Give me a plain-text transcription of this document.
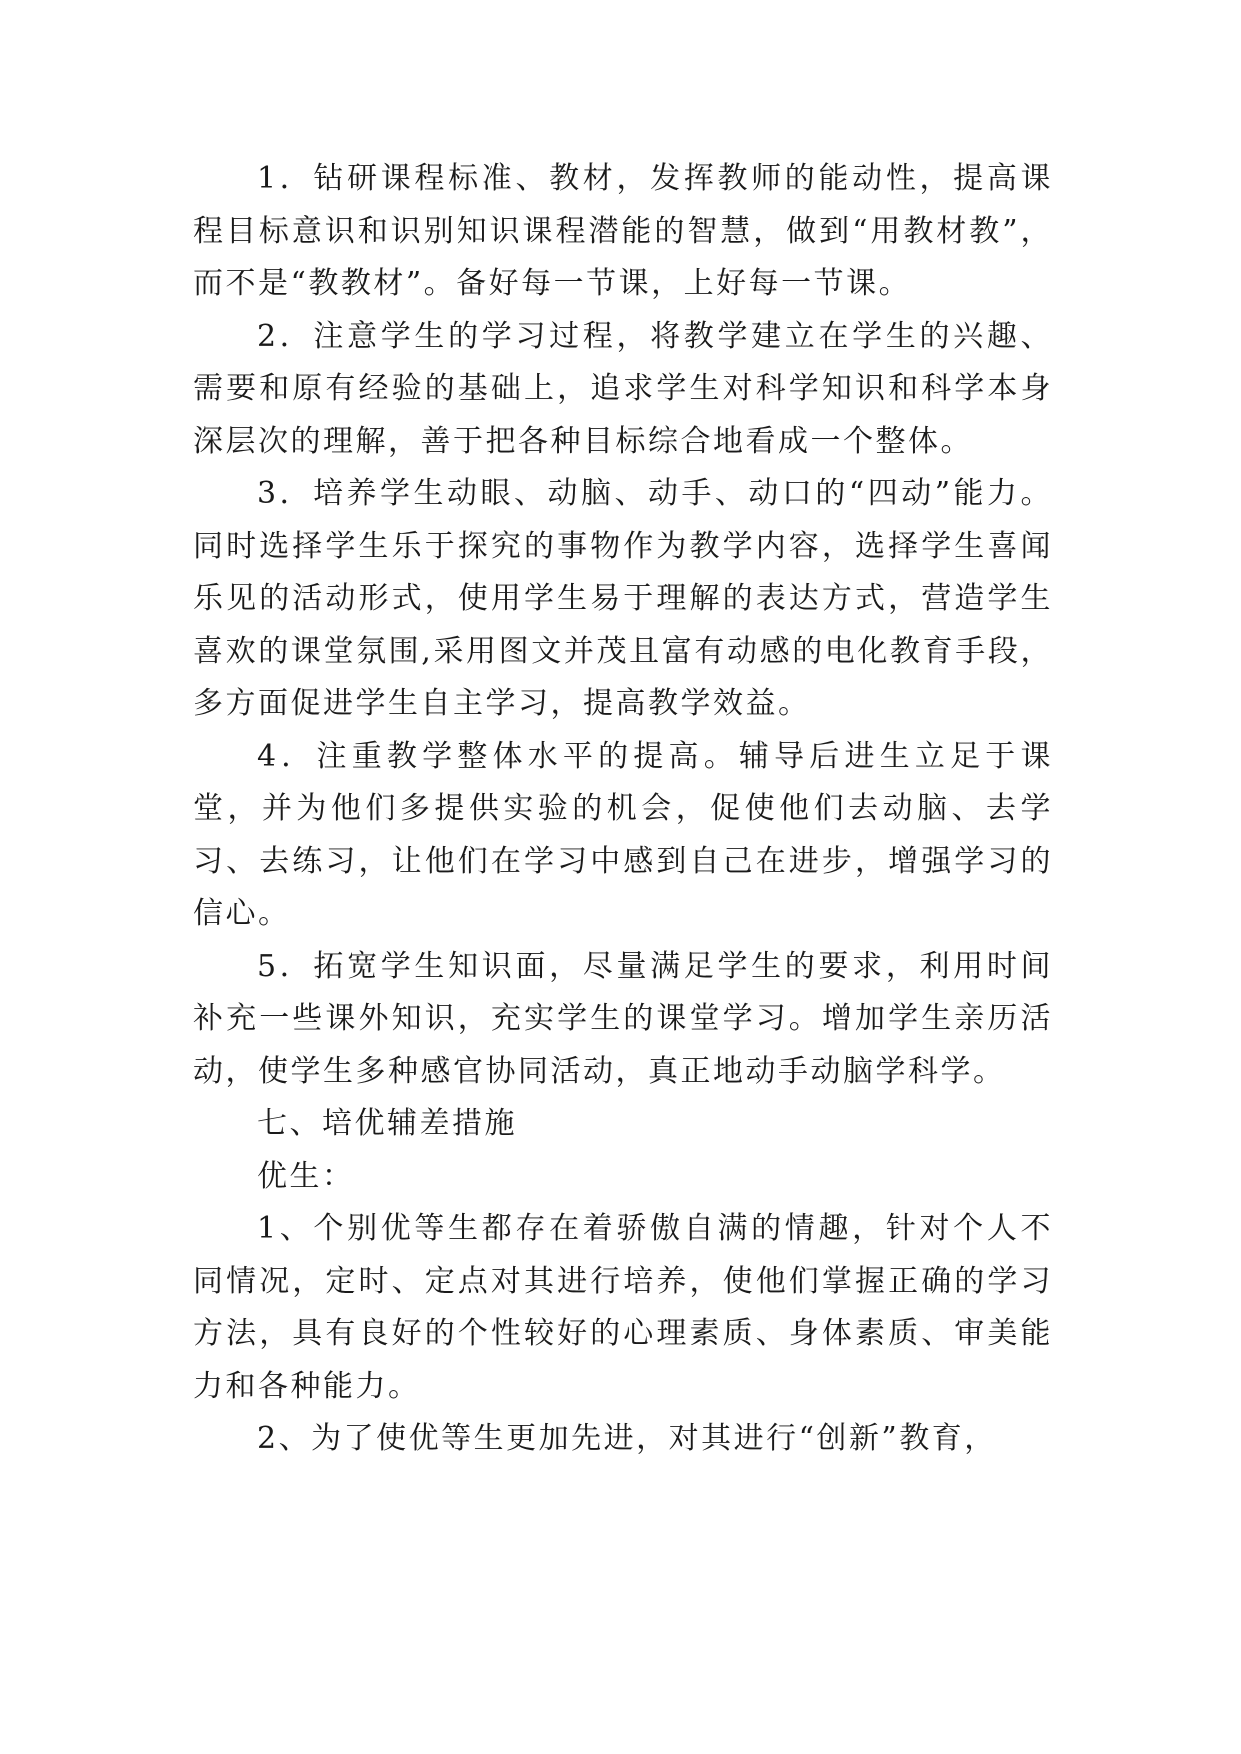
1．钻研课程标准、教材，发挥教师的能动性，提高课程目标意识和识别知识课程潜能的智慧，做到“用教材教”，而不是“教教材”。备好每一节课，上好每一节课。

2．注意学生的学习过程，将教学建立在学生的兴趣、需要和原有经验的基础上，追求学生对科学知识和科学本身深层次的理解，善于把各种目标综合地看成一个整体。

3．培养学生动眼、动脑、动手、动口的“四动”能力。同时选择学生乐于探究的事物作为教学内容，选择学生喜闻乐见的活动形式，使用学生易于理解的表达方式，营造学生喜欢的课堂氛围,采用图文并茂且富有动感的电化教育手段，多方面促进学生自主学习，提高教学效益。

4．注重教学整体水平的提高。辅导后进生立足于课堂，并为他们多提供实验的机会，促使他们去动脑、去学习、去练习，让他们在学习中感到自己在进步，增强学习的信心。

5．拓宽学生知识面，尽量满足学生的要求，利用时间补充一些课外知识，充实学生的课堂学习。增加学生亲历活动，使学生多种感官协同活动，真正地动手动脑学科学。

七、培优辅差措施

优生：

1、个别优等生都存在着骄傲自满的情趣，针对个人不同情况，定时、定点对其进行培养，使他们掌握正确的学习方法，具有良好的个性较好的心理素质、身体素质、审美能力和各种能力。

2、为了使优等生更加先进，对其进行“创新”教育，
